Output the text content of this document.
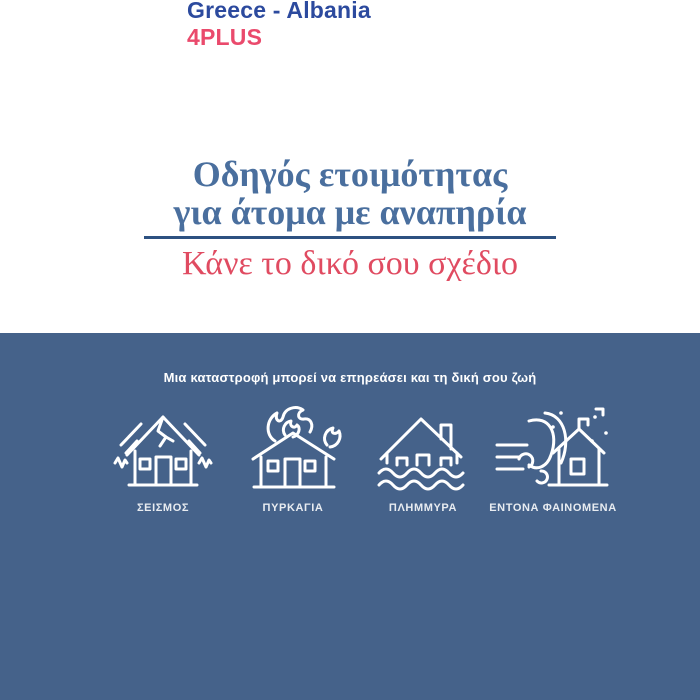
Greece - Albania
4PLUS
Οδηγός ετοιμότητας
για άτομα με αναπηρία
Κάνε το δικό σου σχέδιο
Μια καταστροφή μπορεί να επηρεάσει και τη δική σου ζωή
ΣΕΙΣΜΟΣ	ΠΥΡΚΑΓΙΑ	ΠΛΗΜΜΥΡΑ	ΕΝΤΟΝΑ ΦΑΙΝΟΜΕΝΑ
